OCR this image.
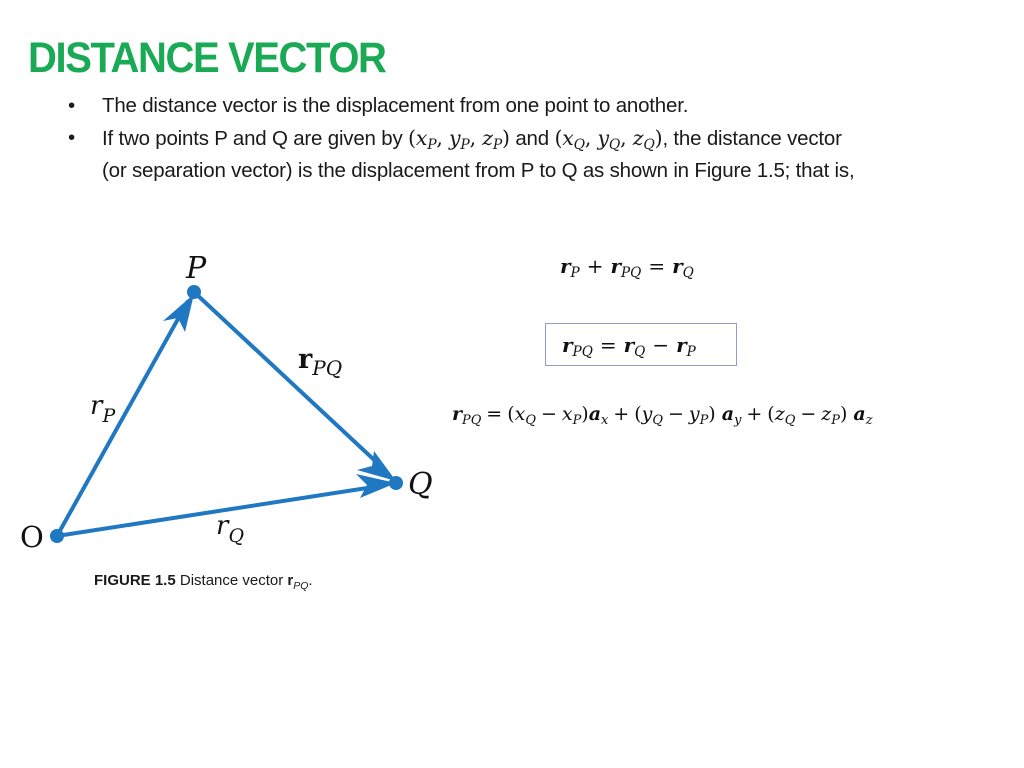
DISTANCE VECTOR
• The distance vector is the displacement from one point to another.
• If two points P and Q are given by ($x_P$, $y_P$, $z_P$) and ($x_Q$, $y_Q$, $z_Q$), the distance vector
(or separation vector) is the displacement from P to Q as shown in Figure 1.5; that is,
P
Q
O
$r_P$
$r_Q$
$r_{PQ}$
FIGURE 1.5 Distance vector $r_{PQ}$.
$r_P + r_{PQ} = r_Q$
$r_{PQ} = r_Q - r_P$
$r_{PQ} = (x_Q - x_P)a_x + (y_Q - y_P) a_y + (z_Q - z_P)$ $a_z$
